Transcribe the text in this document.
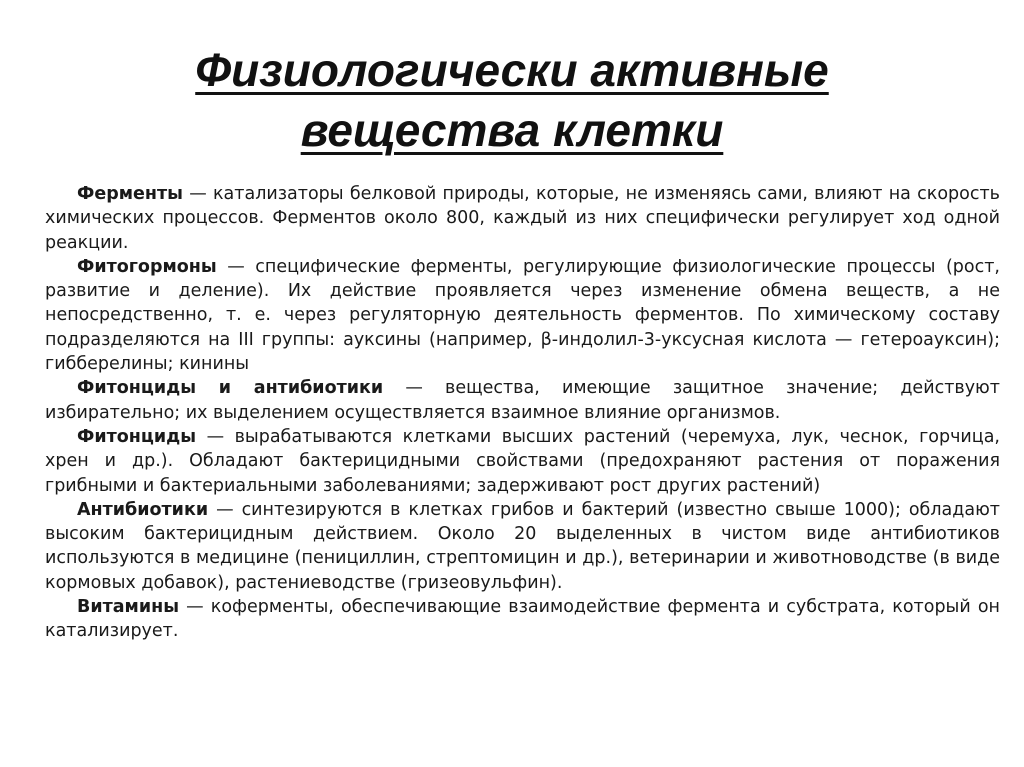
Физиологически активные
вещества клетки

Ферменты — катализаторы белковой природы, которые, не изменяясь сами, влияют на скорость химических процессов. Ферментов около 800, каждый из них специфически регулирует ход одной реакции.

Фитогормоны — специфические ферменты, регулирующие физиологические процессы (рост, развитие и деление). Их действие проявляется через изменение обмена веществ, а не непосредственно, т. е. через регуляторную деятельность ферментов. По химическому составу подразделяются на III группы: ауксины (например, β-индолил-3-уксусная кислота — гетероауксин); гибберелины; кинины

Фитонциды и антибиотики — вещества, имеющие защитное значение; действуют избирательно; их выделением осуществляется взаимное влияние организмов.

Фитонциды — вырабатываются клетками высших растений (черемуха, лук, чеснок, горчица, хрен и др.). Обладают бактерицидными свойствами (предохраняют растения от поражения грибными и бактериальными заболеваниями; задерживают рост других растений)

Антибиотики — синтезируются в клетках грибов и бактерий (известно свыше 1000); обладают высоким бактерицидным действием. Около 20 выделенных в чистом виде антибиотиков используются в медицине (пенициллин, стрептомицин и др.), ветеринарии и животноводстве (в виде кормовых добавок), растениеводстве (гризеовульфин).

Витамины — коферменты, обеспечивающие взаимодействие фермента и субстрата, который он катализирует.
